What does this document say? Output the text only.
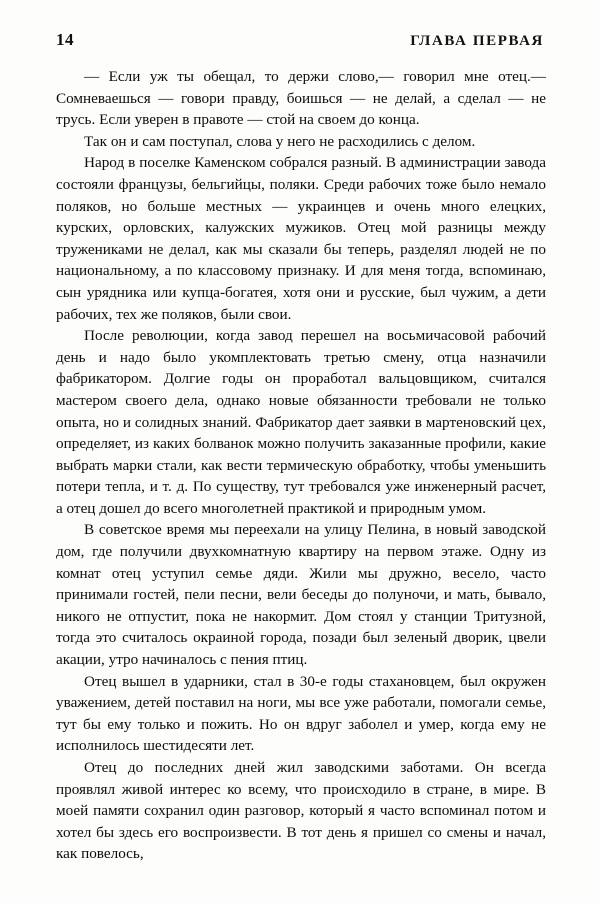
14	ГЛАВА ПЕРВАЯ

— Если уж ты обещал, то держи слово,— говорил мне отец.— Сомневаешься — говори правду, боишься — не делай, а сделал — не трусь. Если уверен в правоте — стой на своем до конца.

Так он и сам поступал, слова у него не расходились с делом.

Народ в поселке Каменском собрался разный. В администрации завода состояли французы, бельгийцы, поляки. Среди рабочих тоже было немало поляков, но больше местных — украинцев и очень много елецких, курских, орловских, калужских мужиков. Отец мой разницы между тружениками не делал, как мы сказали бы теперь, разделял людей не по национальному, а по классовому признаку. И для меня тогда, вспоминаю, сын урядника или купца-богатея, хотя они и русские, был чужим, а дети рабочих, тех же поляков, были свои.

После революции, когда завод перешел на восьмичасовой рабочий день и надо было укомплектовать третью смену, отца назначили фабрикатором. Долгие годы он проработал вальцовщиком, считался мастером своего дела, однако новые обязанности требовали не только опыта, но и солидных знаний. Фабрикатор дает заявки в мартеновский цех, определяет, из каких болванок можно получить заказанные профили, какие выбрать марки стали, как вести термическую обработку, чтобы уменьшить потери тепла, и т. д. По существу, тут требовался уже инженерный расчет, а отец дошел до всего многолетней практикой и природным умом.

В советское время мы переехали на улицу Пелина, в новый заводской дом, где получили двухкомнатную квартиру на первом этаже. Одну из комнат отец уступил семье дяди. Жили мы дружно, весело, часто принимали гостей, пели песни, вели беседы до полуночи, и мать, бывало, никого не отпустит, пока не накормит. Дом стоял у станции Тритузной, тогда это считалось окраиной города, позади был зеленый дворик, цвели акации, утро начиналось с пения птиц.

Отец вышел в ударники, стал в 30-е годы стахановцем, был окружен уважением, детей поставил на ноги, мы все уже работали, помогали семье, тут бы ему только и пожить. Но он вдруг заболел и умер, когда ему не исполнилось шестидесяти лет.

Отец до последних дней жил заводскими заботами. Он всегда проявлял живой интерес ко всему, что происходило в стране, в мире. В моей памяти сохранил один разговор, который я часто вспоминал потом и хотел бы здесь его воспроизвести. В тот день я пришел со смены и начал, как повелось,
